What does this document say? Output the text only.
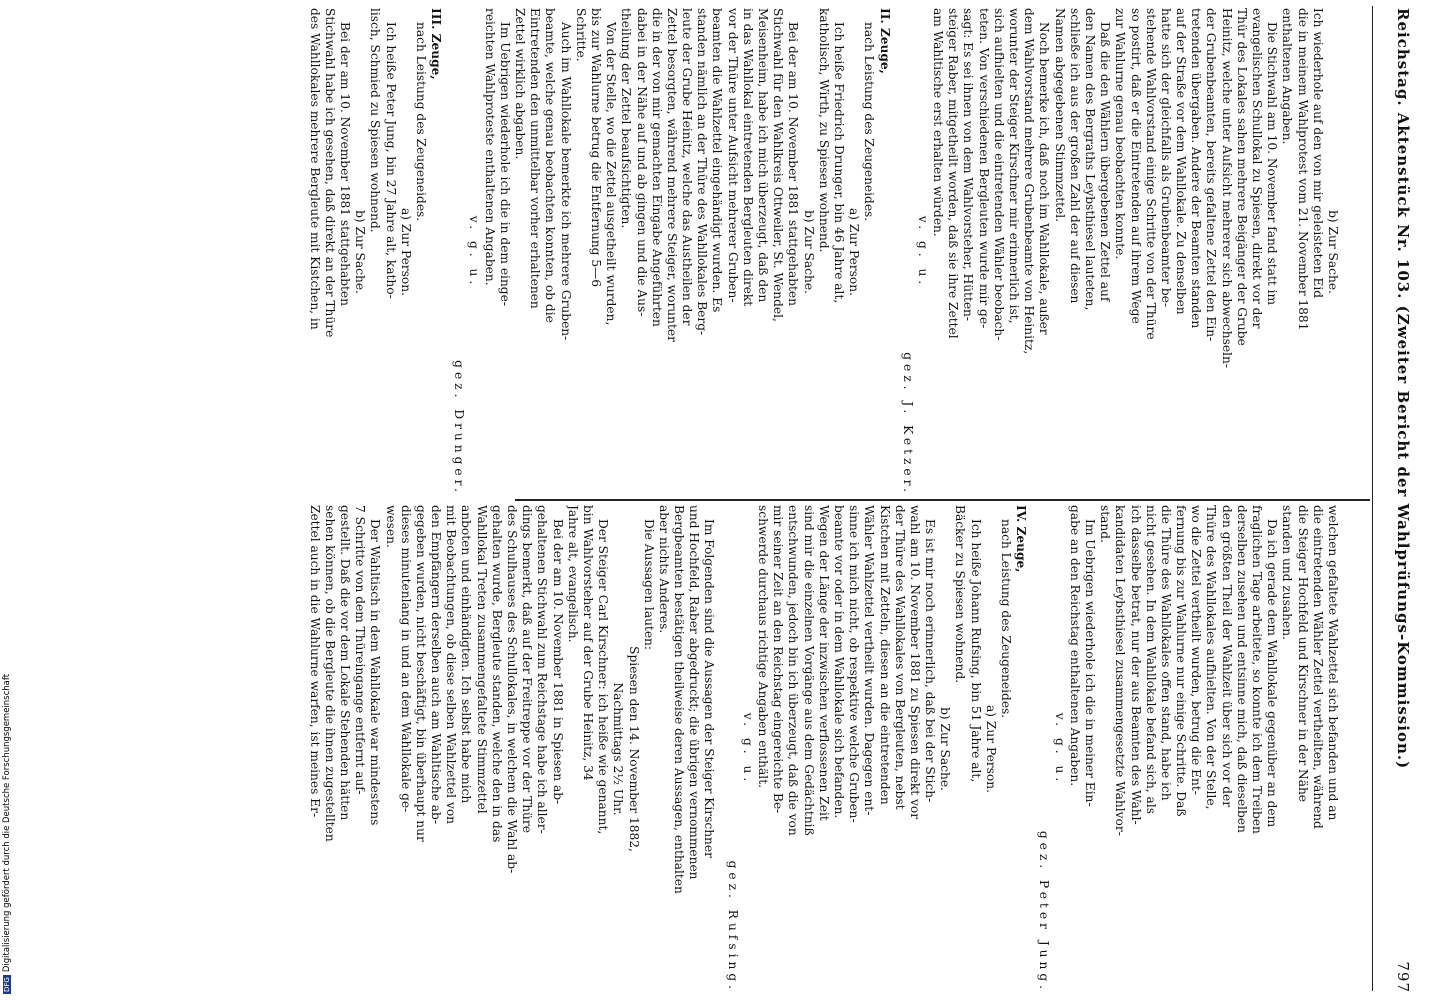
Reichstag. Aktenstück Nr. 103. (Zweiter Bericht der Wahlprüfungs-Kommission.)
797
b) Zur Sache.
Ich wiederhole auf den von mir geleisteten Eid
die in meinem Wahlprotest vom 21. November 1881
enthaltenen Angaben.
Die Stichwahl am 10. November fand statt im
evangelischen Schullokal zu Spiesen, direkt vor der
Thür des Lokales sahen mehrere Beigänger der Grube
Heinitz, welche unter Aufsicht mehrerer sich abwechseln-
der Grubenbeamten, bereits gefaltene Zettel den Ein-
tretenden übergaben. Andere der Beamten standen
auf der Straße vor dem Wahllokale. Zu denselben
hatte sich der gleichfalls als Grubenbeamter be-
stehende Wahlvorstand einige Schritte von der Thüre
so postirt, daß er die Eintretenden auf ihrem Wege
zur Wahlurne genau beobachten konnte.
Daß die den Wählern übergebenen Zettel auf
den Namen des Bergraths Leybsthiesel lauteten,
schließe ich aus der großen Zahl der auf diesen
Namen abgegebenen Stimmzettel.
Noch bemerke ich, daß noch im Wahllokale, außer
dem Wahlvorstand mehrere Grubenbeamte von Heinitz,
worunter der Steiger Kirschner mir erinnerlich ist,
sich aufhielten und die eintretenden Wähler beobach-
teten. Von verschiedenen Bergleuten wurde mir ge-
sagt: Es sei ihnen von dem Wahlvorsteher, Hütten-
steiger Raber, mitgetheilt worden, daß sie ihre Zettel
am Wahltische erst erhalten würden.
v. g. u.
gez. J. Ketzer.
II. Zeuge,
nach Leistung des Zeugeneides.
a) Zur Person.
Ich heiße Friedrich Drunger, bin 46 Jahre alt,
katholisch, Wirth, zu Spiesen wohnend.
b) Zur Sache.
Bei der am 10. November 1881 stattgehabten
Stichwahl für den Wahlkreis Ottweiler, St. Wendel,
Meisenheim, habe ich mich überzeugt, daß den
in das Wahllokal eintretenden Bergleuten direkt
vor der Thüre unter Aufsicht mehrerer Gruben-
beamten die Wahlzettel eingehändigt wurden. Es
standen nämlich an der Thüre des Wahllokales Berg-
leute der Grube Heinitz, welche das Austheilen der
Zettel besorgten, während mehrere Steiger, worunter
die in der von mir gemachten Eingabe Angeführten
dabei in der Nähe auf und ab gingen und die Aus-
theilung der Zettel beaufsichtigten.
Von der Stelle, wo die Zettel ausgetheilt wurden,
bis zur Wahlurne betrug die Entfernung 5—6
Schritte.
Auch im Wahllokale bemerkte ich mehrere Gruben-
beamte, welche genau beobachten konnten, ob die
Eintretenden den unmittelbar vorher erhaltenen
Zettel wirklich abgaben.
Im Uebrigen wiederhole ich die in dem einge-
reichten Wahlproteste enthaltenen Angaben.
v. g. u.
gez. Drunger.
III. Zeuge,
nach Leistung des Zeugeneides.
a) Zur Person.
Ich heiße Peter Jung, bin 27 Jahre alt, katho-
lisch, Schmied zu Spiesen wohnend.
b) Zur Sache.
Bei der am 10. November 1881 stattgehabten
Stichwahl habe ich gesehen, daß direkt an der Thüre
des Wahllokales mehrere Bergleute mit Kistchen, in
welchen gefaltete Wahlzettel sich befanden und an
die eintretenden Wähler Zettel vertheilten, während
die Steiger Hochfeld und Kirschner in der Nähe
standen und zusahen.
Da ich gerade dem Wahllokale gegenüber an dem
fraglichen Tage arbeitete, so konnte ich dem Treiben
derselben zusehen und entsinne mich, daß dieselben
den größten Theil der Wahlzeit über sich vor der
Thüre des Wahllokales aufhielten. Von der Stelle,
wo die Zettel vertheilt wurden, betrug die Ent-
fernung bis zur Wahlurne nur einige Schritte. Daß
die Thüre des Wahllokales offen stand, habe ich
nicht gesehen. In dem Wahllokale befand sich, als
ich dasselbe betrat, nur der aus Beamten des Wahl-
kandidaten Leybsthiesel zusammengesetzte Wahlvor-
stand.
Im Uebrigen wiederhole ich die in meiner Ein-
gabe an den Reichstag enthaltenen Angaben.
v. g. u.
gez. Peter Jung.
IV. Zeuge,
nach Leistung des Zeugeneides.
a) Zur Person.
Ich heiße Johann Rufsing, bin 51 Jahre alt,
Bäcker zu Spiesen wohnend.
b) Zur Sache.
Es ist mir noch erinnerlich, daß bei der Stich-
wahl am 10. November 1881 zu Spiesen direkt vor
der Thüre des Wahllokales von Bergleuten, nebst
Kistchen mit Zetteln, diesen an die eintretenden
Wähler Wahlzettel vertheilt wurden. Dagegen ent-
sinne ich mich nicht, ob respektive welche Gruben-
beamte vor oder in dem Wahllokale sich befanden.
Wegen der Länge der inzwischen verflossenen Zeit
sind mir die einzelnen Vorgänge aus dem Gedächtniß
entschwunden, jedoch bin ich überzeugt, daß die von
mir seiner Zeit an den Reichstag eingereichte Be-
schwerde durchaus richtige Angaben enthält.
v. g. u.
gez. Rufsing.
Im Folgenden sind die Aussagen der Steiger Kirschner
und Hochfeld, Raber abgedruckt; die übrigen vernommenen
Bergbeamten bestätigen theilweise deren Aussagen, enthalten
aber nichts Anderes.
Die Aussagen lauten:
Spiesen den 14. November 1882,
Nachmittags 2½ Uhr.
Der Steiger Carl Kirschner: ich heiße wie genannt,
bin Wahlvorsteher auf der Grube Heinitz, 34
Jahre alt, evangelisch.
Bei der am 10. November 1881 in Spiesen ab-
gehaltenen Stichwahl zum Reichstage habe ich aller-
dings bemerkt, daß auf der Freitreppe vor der Thüre
des Schulhauses des Schullokales, in welchem die Wahl ab-
gehalten wurde, Bergleute standen, welche den in das
Wahllokal Treten zusammengefaltete Stimmzettel
anboten und einhändigten. Ich selbst habe mich
mit Beobachtungen, ob diese selben Wahlzettel von
den Empfängern derselben auch am Wahltische ab-
gegeben wurden, nicht beschäftigt, bin überhaupt nur
dieses minutenlang in und an dem Wahllokale ge-
wesen.
Der Wahltisch in dem Wahllokale war mindestens
7 Schritte von dem Thüreingange entfernt auf-
gestellt. Daß die vor dem Lokale Stehenden hätten
sehen können, ob die Bergleute die ihnen zugestellten
Zettel auch in die Wahlurne warfen, ist meines Er-
DFGDigitalisierung gefördert durch die Deutsche Forschungsgemeinschaft
